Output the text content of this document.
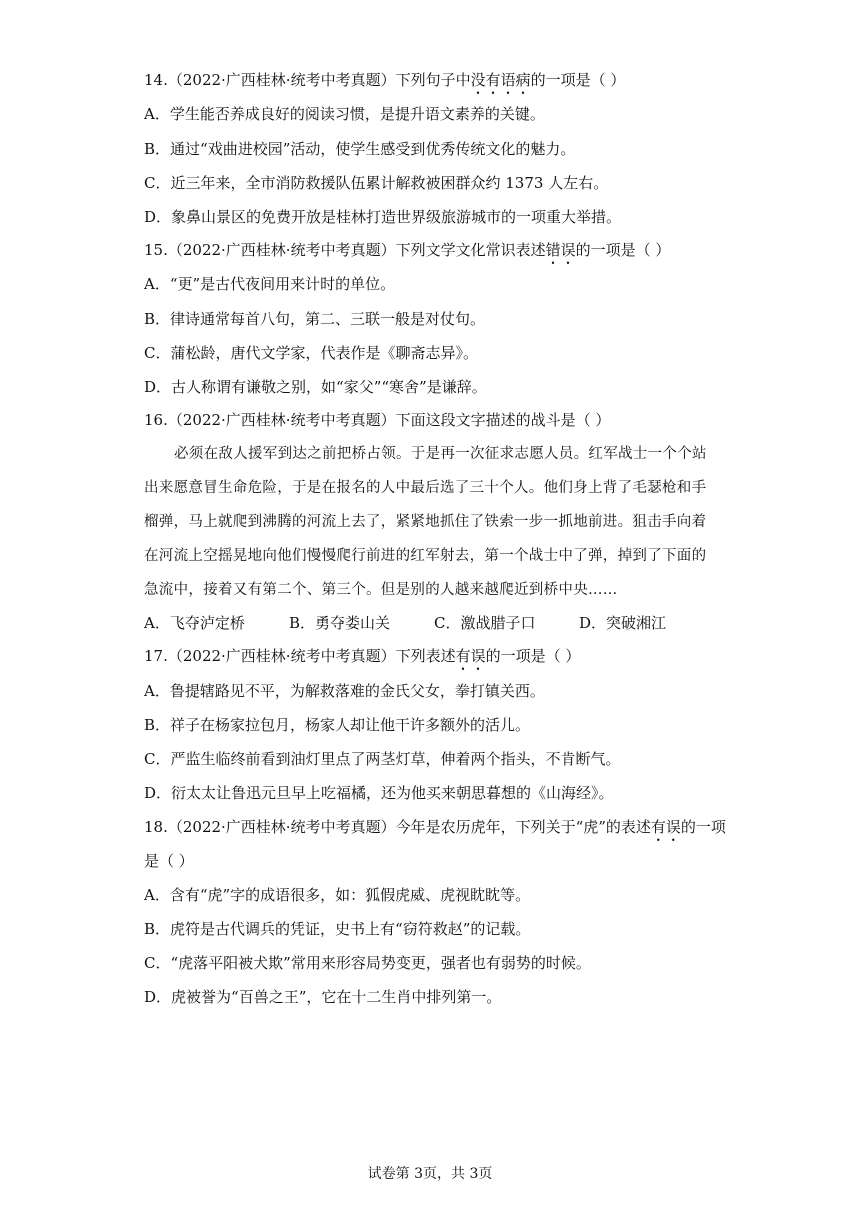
14.（2022·广西桂林·统考中考真题）下列句子中没有语病的一项是（ ）
A．学生能否养成良好的阅读习惯，是提升语文素养的关键。
B．通过“戏曲进校园”活动，使学生感受到优秀传统文化的魅力。
C．近三年来，全市消防救援队伍累计解救被困群众约 1373 人左右。
D．象鼻山景区的免费开放是桂林打造世界级旅游城市的一项重大举措。
15.（2022·广西桂林·统考中考真题）下列文学文化常识表述错误的一项是（ ）
A．“更”是古代夜间用来计时的单位。
B．律诗通常每首八句，第二、三联一般是对仗句。
C．蒲松龄，唐代文学家，代表作是《聊斋志异》。
D．古人称谓有谦敬之别，如“家父”“寒舍”是谦辞。
16.（2022·广西桂林·统考中考真题）下面这段文字描述的战斗是（ ）
必须在敌人援军到达之前把桥占领。于是再一次征求志愿人员。红军战士一个个站
出来愿意冒生命危险，于是在报名的人中最后选了三十个人。他们身上背了毛瑟枪和手
榴弹，马上就爬到沸腾的河流上去了，紧紧地抓住了铁索一步一抓地前进。狙击手向着
在河流上空摇晃地向他们慢慢爬行前进的红军射去，第一个战士中了弹，掉到了下面的
急流中，接着又有第二个、第三个。但是别的人越来越爬近到桥中央……
A．飞夺泸定桥	B．勇夺娄山关	C．激战腊子口	D．突破湘江
17.（2022·广西桂林·统考中考真题）下列表述有误的一项是（ ）
A．鲁提辖路见不平，为解救落难的金氏父女，拳打镇关西。
B．祥子在杨家拉包月，杨家人却让他干许多额外的活儿。
C．严监生临终前看到油灯里点了两茎灯草，伸着两个指头，不肯断气。
D．衍太太让鲁迅元旦早上吃福橘，还为他买来朝思暮想的《山海经》。
18.（2022·广西桂林·统考中考真题）今年是农历虎年，下列关于“虎”的表述有误的一项
是（ ）
A．含有“虎”字的成语很多，如：狐假虎威、虎视眈眈等。
B．虎符是古代调兵的凭证，史书上有“窃符救赵”的记载。
C．“虎落平阳被犬欺”常用来形容局势变更，强者也有弱势的时候。
D．虎被誉为“百兽之王”，它在十二生肖中排列第一。
试卷第 3页，共 3页
